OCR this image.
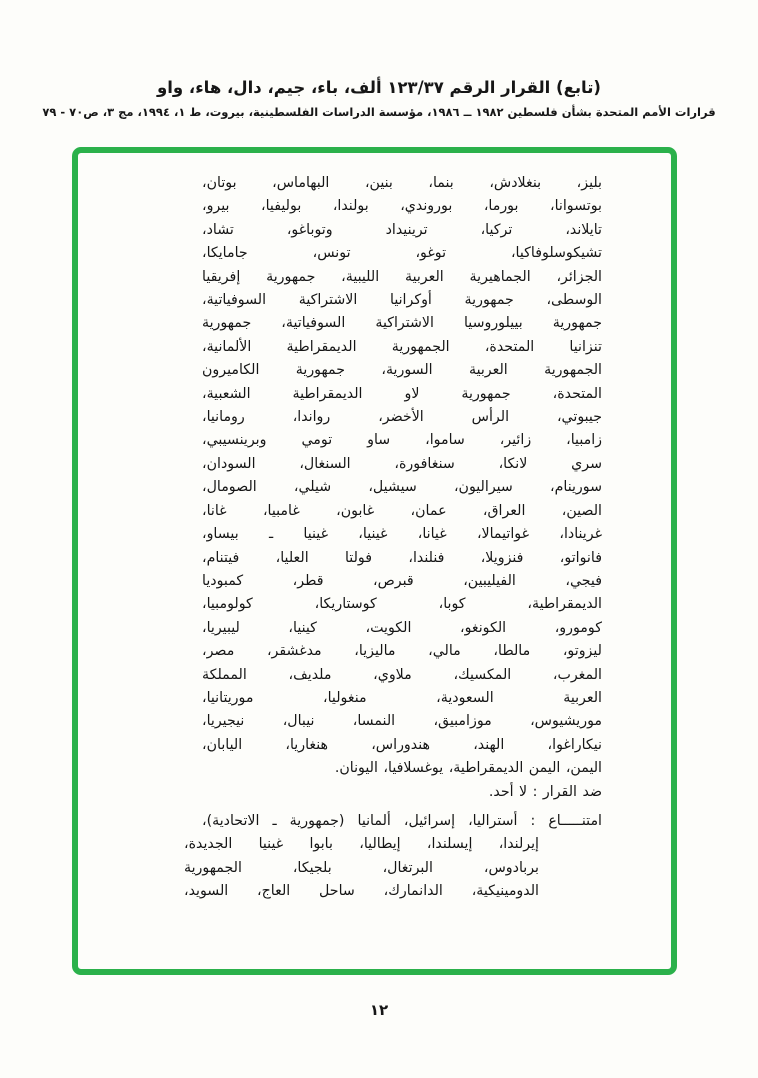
(تابع) القرار الرقم ١٢٣/٣٧ ألف، باء، جيم، دال، هاء، واو
قرارات الأمم المتحدة بشأن فلسطين ١٩٨٢ ــ ١٩٨٦، مؤسسة الدراسات الفلسطينية، بيروت، ط ١، ١٩٩٤، مج ٣، ص٧٠ - ٧٩
بليز، بنغلادش، بنما، بنين، البهاماس، بوتان،
بوتسوانا، بورما، بوروندي، بولندا، بوليفيا، بيرو،
تايلاند، تركيا، ترينيداد وتوباغو، تشاد،
تشيكوسلوفاكيا، توغو، تونس، جامايكا،
الجزائر، الجماهيرية العربية الليبية، جمهورية إفريقيا
الوسطى، جمهورية أوكرانيا الاشتراكية السوفياتية،
جمهورية بييلوروسيا الاشتراكية السوفياتية، جمهورية
تنزانيا المتحدة، الجمهورية الديمقراطية الألمانية،
الجمهورية العربية السورية، جمهورية الكاميرون
المتحدة، جمهورية لاو الديمقراطية الشعبية،
جيبوتي، الرأس الأخضر، رواندا، رومانيا،
زامبيا، زائير، ساموا، ساو تومي وبرينسيبي،
سري لانكا، سنغافورة، السنغال، السودان،
سورينام، سيراليون، سيشيل، شيلي، الصومال،
الصين، العراق، عمان، غابون، غامبيا، غانا،
غرينادا، غواتيمالا، غيانا، غينيا، غينيا ـ بيساو،
فانواتو، فنزويلا، فنلندا، فولتا العليا، فيتنام،
فيجي، الفيليبين، قبرص، قطر، كمبوديا
الديمقراطية، كوبا، كوستاريكا، كولومبيا،
كومورو، الكونغو، الكويت، كينيا، ليبيريا،
ليزوتو، مالطا، مالي، ماليزيا، مدغشقر، مصر،
المغرب، المكسيك، ملاوي، ملديف، المملكة
العربية السعودية، منغوليا، موريتانيا،
موريشيوس، موزامبيق، النمسا، نيبال، نيجيريا،
نيكاراغوا، الهند، هندوراس، هنغاريا، اليابان،
اليمن، اليمن الديمقراطية، يوغسلافيا، اليونان.
ضد القرار : لا أحد.
امتنـــــاع : أستراليا، إسرائيل، ألمانيا (جمهورية ـ الاتحادية)،
إيرلندا، إيسلندا، إيطاليا، بابوا غينيا الجديدة،
بربادوس، البرتغال، بلجيكا، الجمهورية
الدومينيكية، الدانمارك، ساحل العاج، السويد،
١٢
